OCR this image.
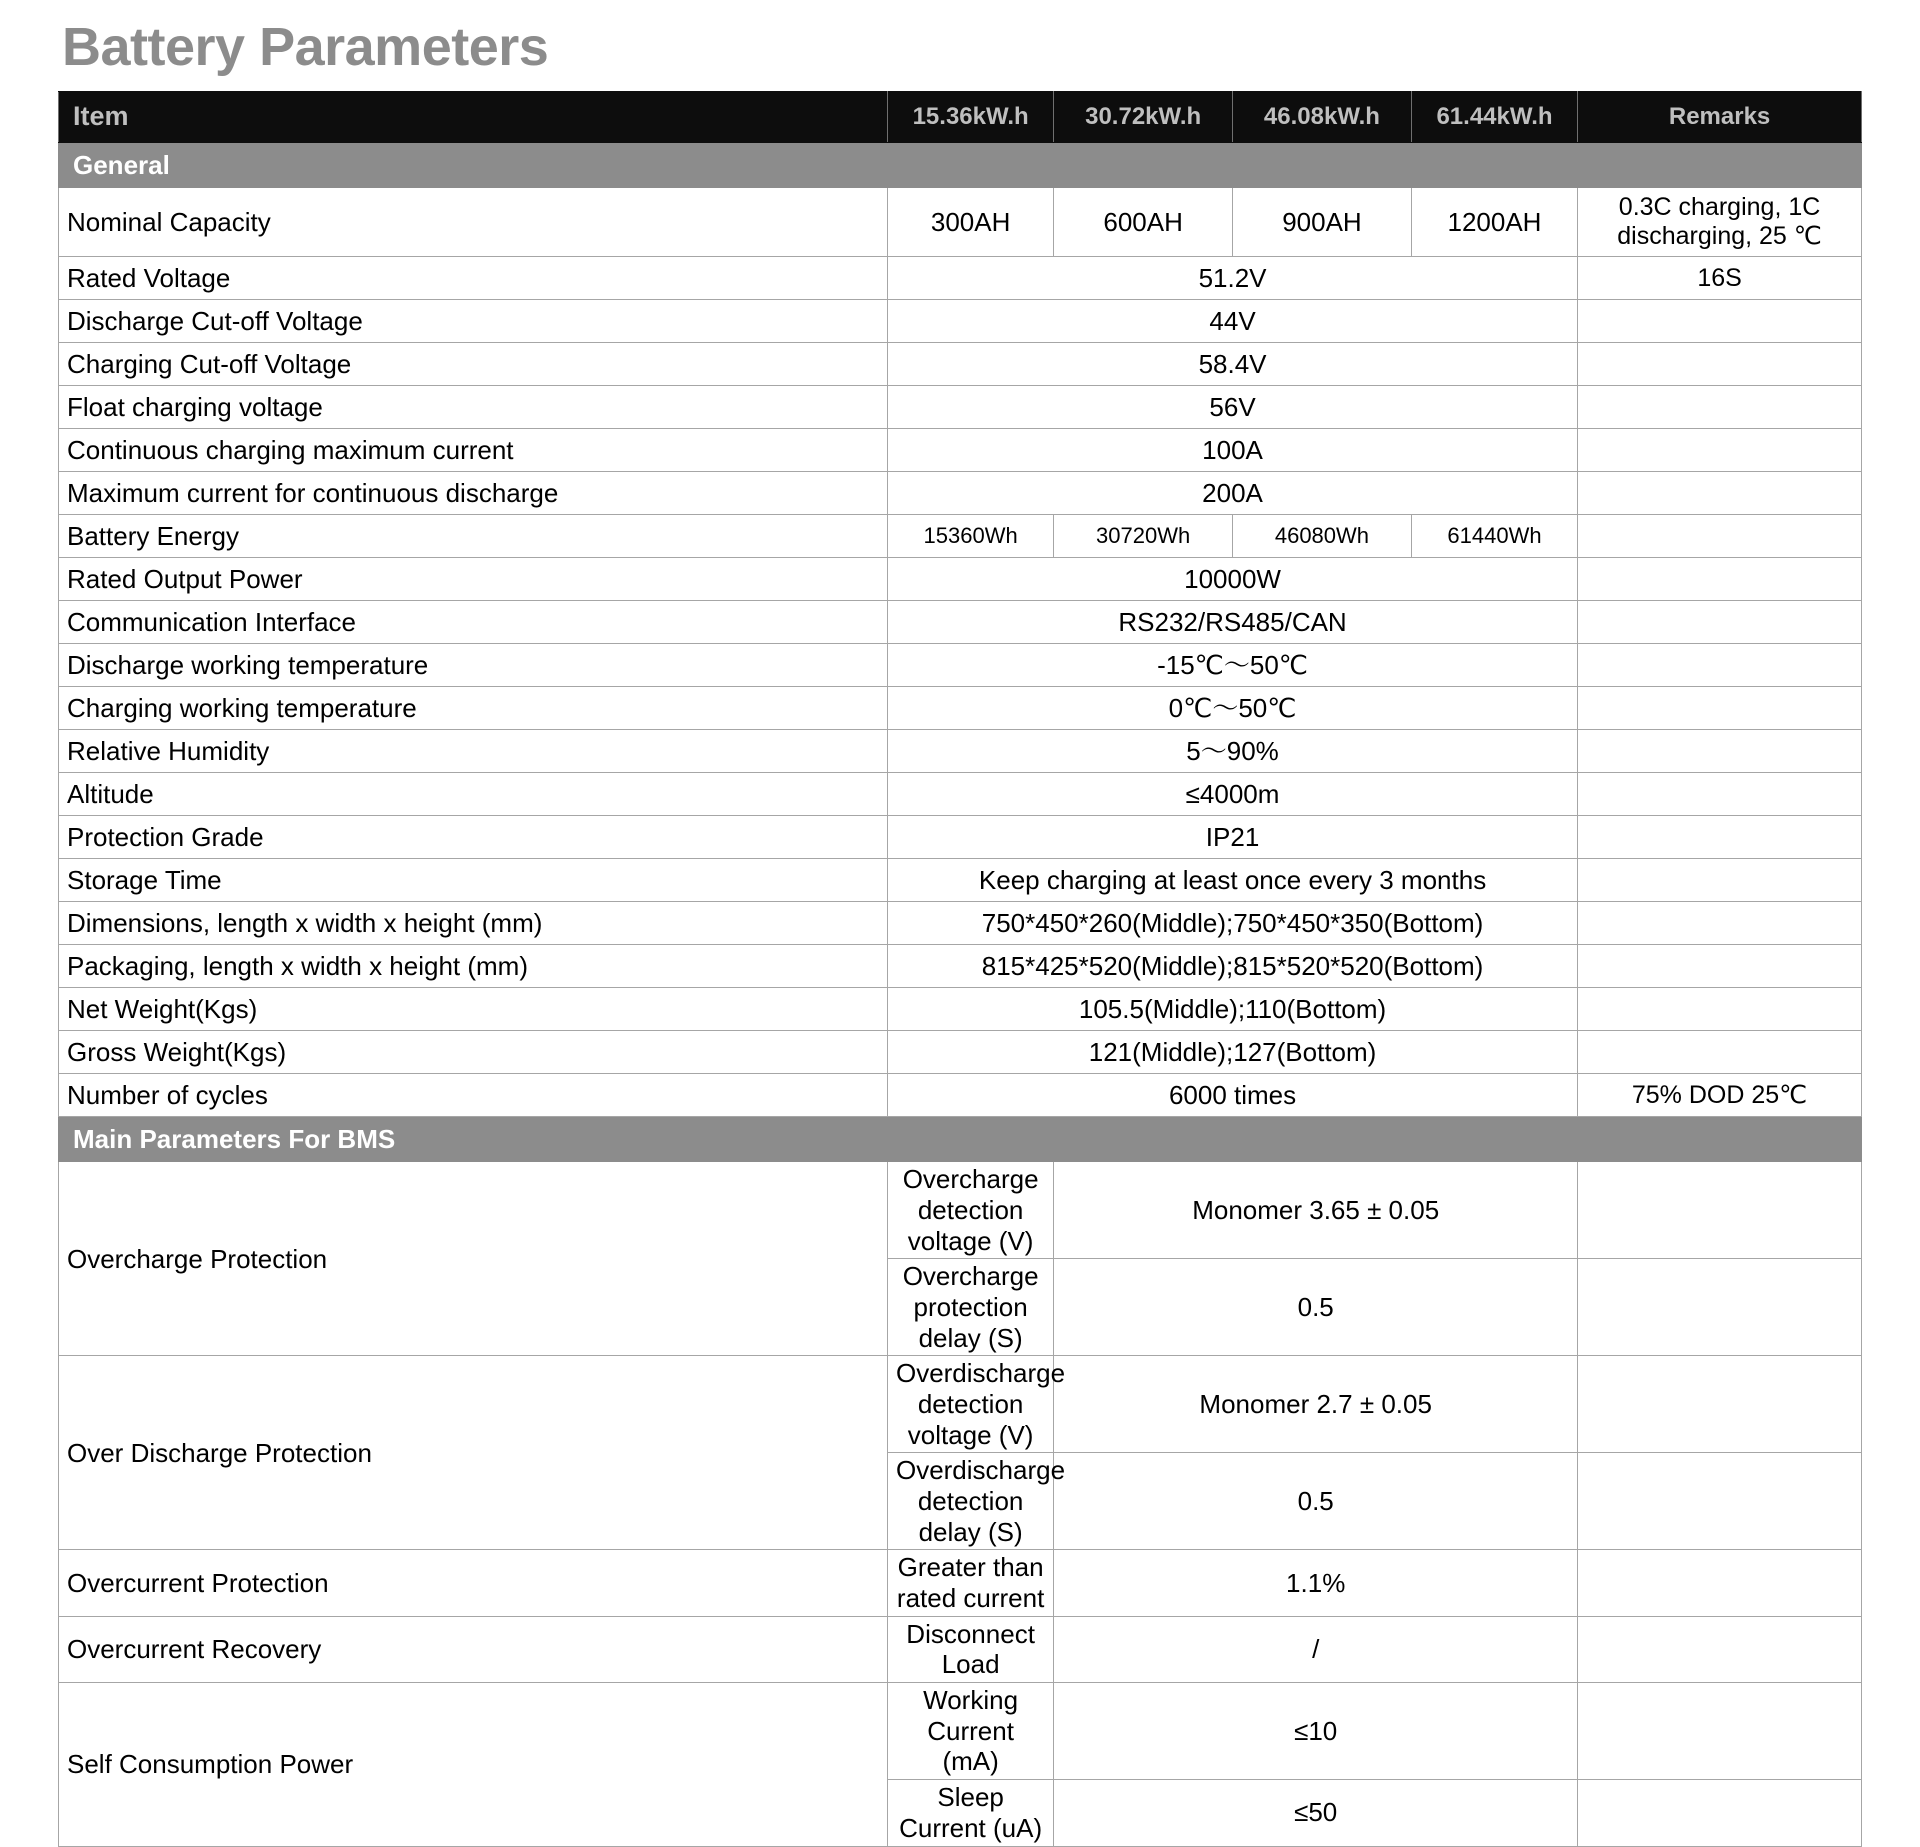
Battery Parameters
Item	15.36kW.h	30.72kW.h	46.08kW.h	61.44kW.h	Remarks
General					
Nominal Capacity	300AH	600AH	900AH	1200AH	0.3C charging, 1C discharging, 25 ℃
Rated Voltage	51.2V				16S
Discharge Cut-off Voltage	44V				
Charging Cut-off Voltage	58.4V				
Float charging voltage	56V				
Continuous charging maximum current	100A				
Maximum current for continuous discharge	200A				
Battery Energy	15360Wh	30720Wh	46080Wh	61440Wh	
Rated Output Power	10000W				
Communication Interface	RS232/RS485/CAN				
Discharge working temperature	-15℃～50℃				
Charging working temperature	0℃～50℃				
Relative Humidity	5～90%				
Altitude	≤4000m				
Protection Grade	IP21				
Storage Time	Keep charging at least once every 3 months				
Dimensions, length x width x height (mm)	750*450*260(Middle);750*450*350(Bottom)				
Packaging, length x width x height (mm)	815*425*520(Middle);815*520*520(Bottom)				
Net Weight(Kgs)	105.5(Middle);110(Bottom)				
Gross Weight(Kgs)	121(Middle);127(Bottom)				
Number of cycles	6000 times				75% DOD 25℃
Main Parameters For BMS					
Overcharge Protection	Overcharge detection voltage (V)	Monomer 3.65 ± 0.05			
	Overcharge protection delay (S)	0.5			
Over Discharge Protection	Overdischarge detection voltage (V)	Monomer 2.7 ± 0.05			
	Overdischarge detection delay (S)	0.5			
Overcurrent Protection	Greater than rated current	1.1%			
Overcurrent Recovery	Disconnect Load	/			
Self Consumption Power	Working Current (mA)	≤10			
	Sleep Current (uA)	≤50			
